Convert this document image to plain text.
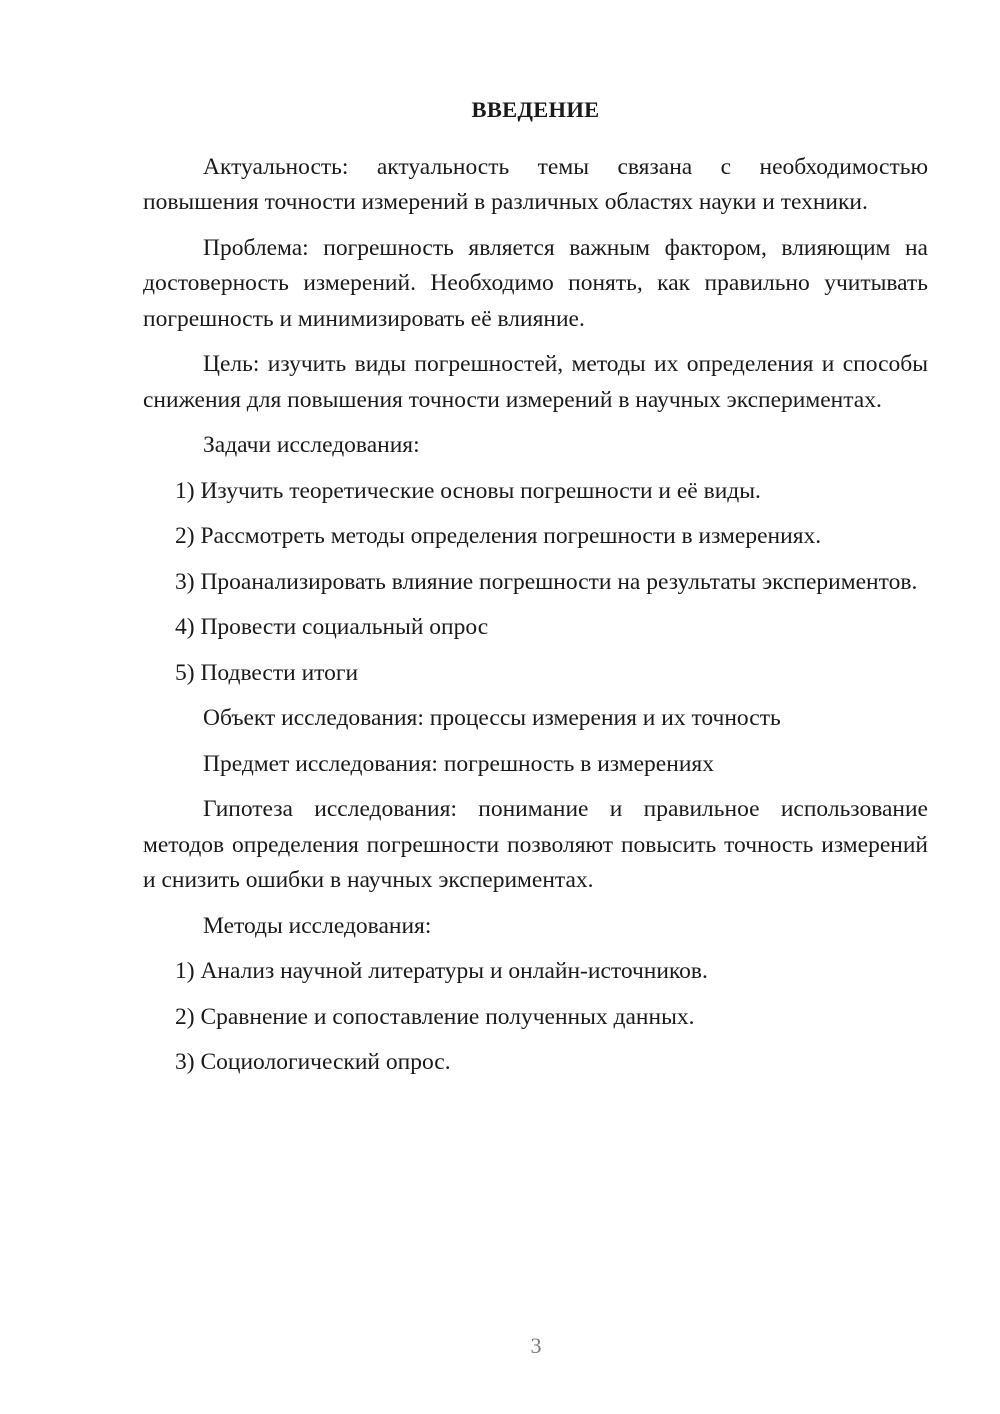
ВВЕДЕНИЕ

Актуальность: актуальность темы связана с необходимостью повышения точности измерений в различных областях науки и техники.

Проблема: погрешность является важным фактором, влияющим на достоверность измерений. Необходимо понять, как правильно учитывать погрешность и минимизировать её влияние.

Цель: изучить виды погрешностей, методы их определения и способы снижения для повышения точности измерений в научных экспериментах.

Задачи исследования:

1) Изучить теоретические основы погрешности и её виды.

2) Рассмотреть методы определения погрешности в измерениях.

3) Проанализировать влияние погрешности на результаты экспериментов.

4) Провести социальный опрос

5) Подвести итоги

Объект исследования: процессы измерения и их точность

Предмет исследования: погрешность в измерениях

Гипотеза исследования: понимание и правильное использование методов определения погрешности позволяют повысить точность измерений и снизить ошибки в научных экспериментах.

Методы исследования:

1) Анализ научной литературы и онлайн-источников.

2) Сравнение и сопоставление полученных данных.

3) Социологический опрос.

3
